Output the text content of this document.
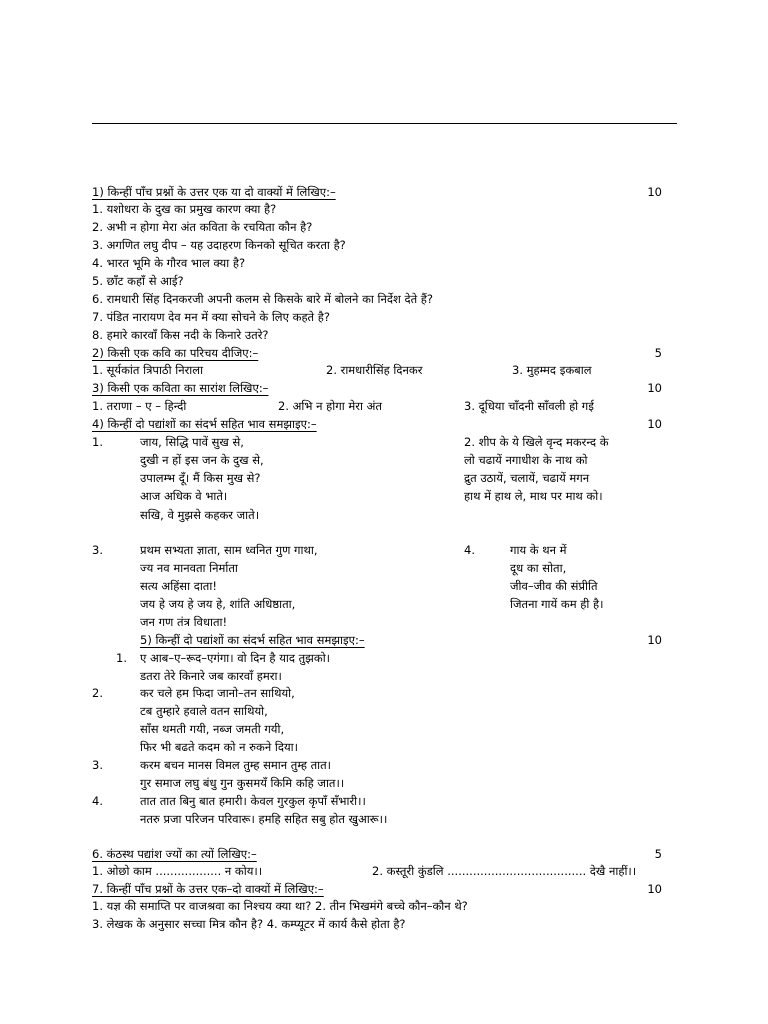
1) किन्हीं पाँच प्रश्नों के उत्तर एक या दो वाक्यों में लिखिए:–	10
1. यशोधरा के दुख का प्रमुख कारण क्या है?
2. अभी न होगा मेरा अंत कविता के रचयिता कौन है?
3. अगणित लघु दीप – यह उदाहरण किनको सूचित करता है?
4. भारत भूमि के गौरव भाल क्या है?
5. छाँट कहाँ से आई?
6. रामधारी सिंह दिनकरजी अपनी कलम से किसके बारे में बोलने का निर्देश देते हैं?
7. पंडित नारायण देव मन में क्या सोचने के लिए कहते है?
8. हमारे कारवाँ किस नदी के किनारे उतरे?
2) किसी एक कवि का परिचय दीजिए:–	5
1. सूर्यकांत त्रिपाठी निराला	2. रामधारीसिंह दिनकर	3. मुहम्मद इकबाल
3) किसी एक कविता का सारांश लिखिए:–	10
1. तराणा – ए – हिन्दी	2. अभि न होगा मेरा अंत	3. दूधिया चाँदनी साँवली हो गई
4) किन्हीं दो पद्यांशों का संदर्भ सहित भाव समझाइए:–	10
1.	जाय, सिद्धि पावें सुख से,
दुखी न हों इस जन के दुख से,
उपालम्भ दूँ। मैं किस मुख से?
आज अधिक वे भाते।
सखि, वे मुझसे कहकर जाते।
2. शीप के ये खिले वृन्द मकरन्द के
लो चढायें नगाधीश के नाथ को
द्रुत उठायें, चलायें, चढायें मगन
हाथ में हाथ ले, माथ पर माथ को।
3.	प्रथम सभ्यता ज्ञाता, साम ध्वनित गुण गाथा,
ज्य नव मानवता निर्माता
सत्य अहिंसा दाता!
जय हे जय हे जय हे, शांति अधिष्ठाता,
जन गण तंत्र विधाता!
4.	गाय के थन में
दूध का सोता,
जीव–जीव की संप्रीति
जितना गायें कम ही है।
5) किन्हीं दो पद्यांशों का संदर्भ सहित भाव समझाइए:–	10
1. ए आब–ए–रूद–एगंगा। वो दिन है याद तुझको।
डतरा तेरे किनारे जब कारवाँ हमरा।
2.	कर चले हम फिदा जानो–तन साथियो,
टब तुम्हारे हवाले वतन साथियो,
साँस थमती गयी, नब्ज जमती गयी,
फिर भी बढते कदम को न रुकने दिया।
3.	करम बचन मानस विमल तुम्ह समान तुम्ह तात।
गुर समाज लघु बंधु गुन कुसमयँ किमि कहि जात।।
4.	तात तात बिनु बात हमारी। केवल गुरकुल कृपाँ सँभारी।।
नतरु प्रजा परिजन परिवारू। हमहि सहित सबु होत खुआरू।।
6. कंठस्थ पद्यांश ज्यों का त्यों लिखिए:–	5
1. ओछो काम .................. न कोय।।	2. कस्तूरी कुंडलि ...................................... देखै नाहीं।।
7. किन्हीं पाँच प्रश्नों के उत्तर एक–दो वाक्यों में लिखिए:–	10
1. यज्ञ की समाप्ति पर वाजश्रवा का निश्चय क्या था? 2. तीन भिखमंगे बच्चे कौन–कौन थे?
3. लेखक के अनुसार सच्चा मित्र कौन है? 4. कम्प्यूटर में कार्य कैसे होता है?
